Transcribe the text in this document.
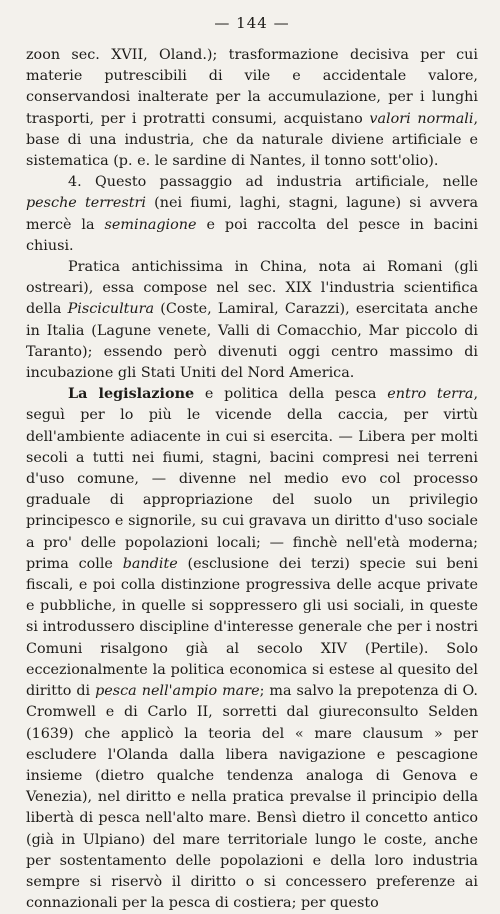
— 144 —

zoon sec. XVII, Oland.); trasformazione decisiva per cui materie putrescibili di vile e accidentale valore, conservandosi inalterate per la accumulazione, per i lunghi trasporti, per i protratti consumi, acquistano valori normali, base di una industria, che da naturale diviene artificiale e sistematica (p. e. le sardine di Nantes, il tonno sott'olio).

4. Questo passaggio ad industria artificiale, nelle pesche terrestri (nei fiumi, laghi, stagni, lagune) si avvera mercè la seminagione e poi raccolta del pesce in bacini chiusi.

Pratica antichissima in China, nota ai Romani (gli ostreari), essa compose nel sec. XIX l'industria scientifica della Piscicultura (Coste, Lamiral, Carazzi), esercitata anche in Italia (Lagune venete, Valli di Comacchio, Mar piccolo di Taranto); essendo però divenuti oggi centro massimo di incubazione gli Stati Uniti del Nord America.

La legislazione e politica della pesca entro terra, seguì per lo più le vicende della caccia, per virtù dell'ambiente adiacente in cui si esercita. — Libera per molti secoli a tutti nei fiumi, stagni, bacini compresi nei terreni d'uso comune, — divenne nel medio evo col processo graduale di appropriazione del suolo un privilegio principesco e signorile, su cui gravava un diritto d'uso sociale a pro' delle popolazioni locali; — finchè nell'età moderna; prima colle bandite (esclusione dei terzi) specie sui beni fiscali, e poi colla distinzione progressiva delle acque private e pubbliche, in quelle si soppressero gli usi sociali, in queste si introdussero discipline d'interesse generale che per i nostri Comuni risalgono già al secolo XIV (Pertile). Solo eccezionalmente la politica economica si estese al quesito del diritto di pesca nell'ampio mare; ma salvo la prepotenza di O. Cromwell e di Carlo II, sorretti dal giureconsulto Selden (1639) che applicò la teoria del « mare clausum » per escludere l'Olanda dalla libera navigazione e pescagione insieme (dietro qualche tendenza analoga di Genova e Venezia), nel diritto e nella pratica prevalse il principio della libertà di pesca nell'alto mare. Bensì dietro il concetto antico (già in Ulpiano) del mare territoriale lungo le coste, anche per sostentamento delle popolazioni e della loro industria sempre si riservò il diritto o si concessero preferenze ai connazionali per la pesca di costiera; per questo
